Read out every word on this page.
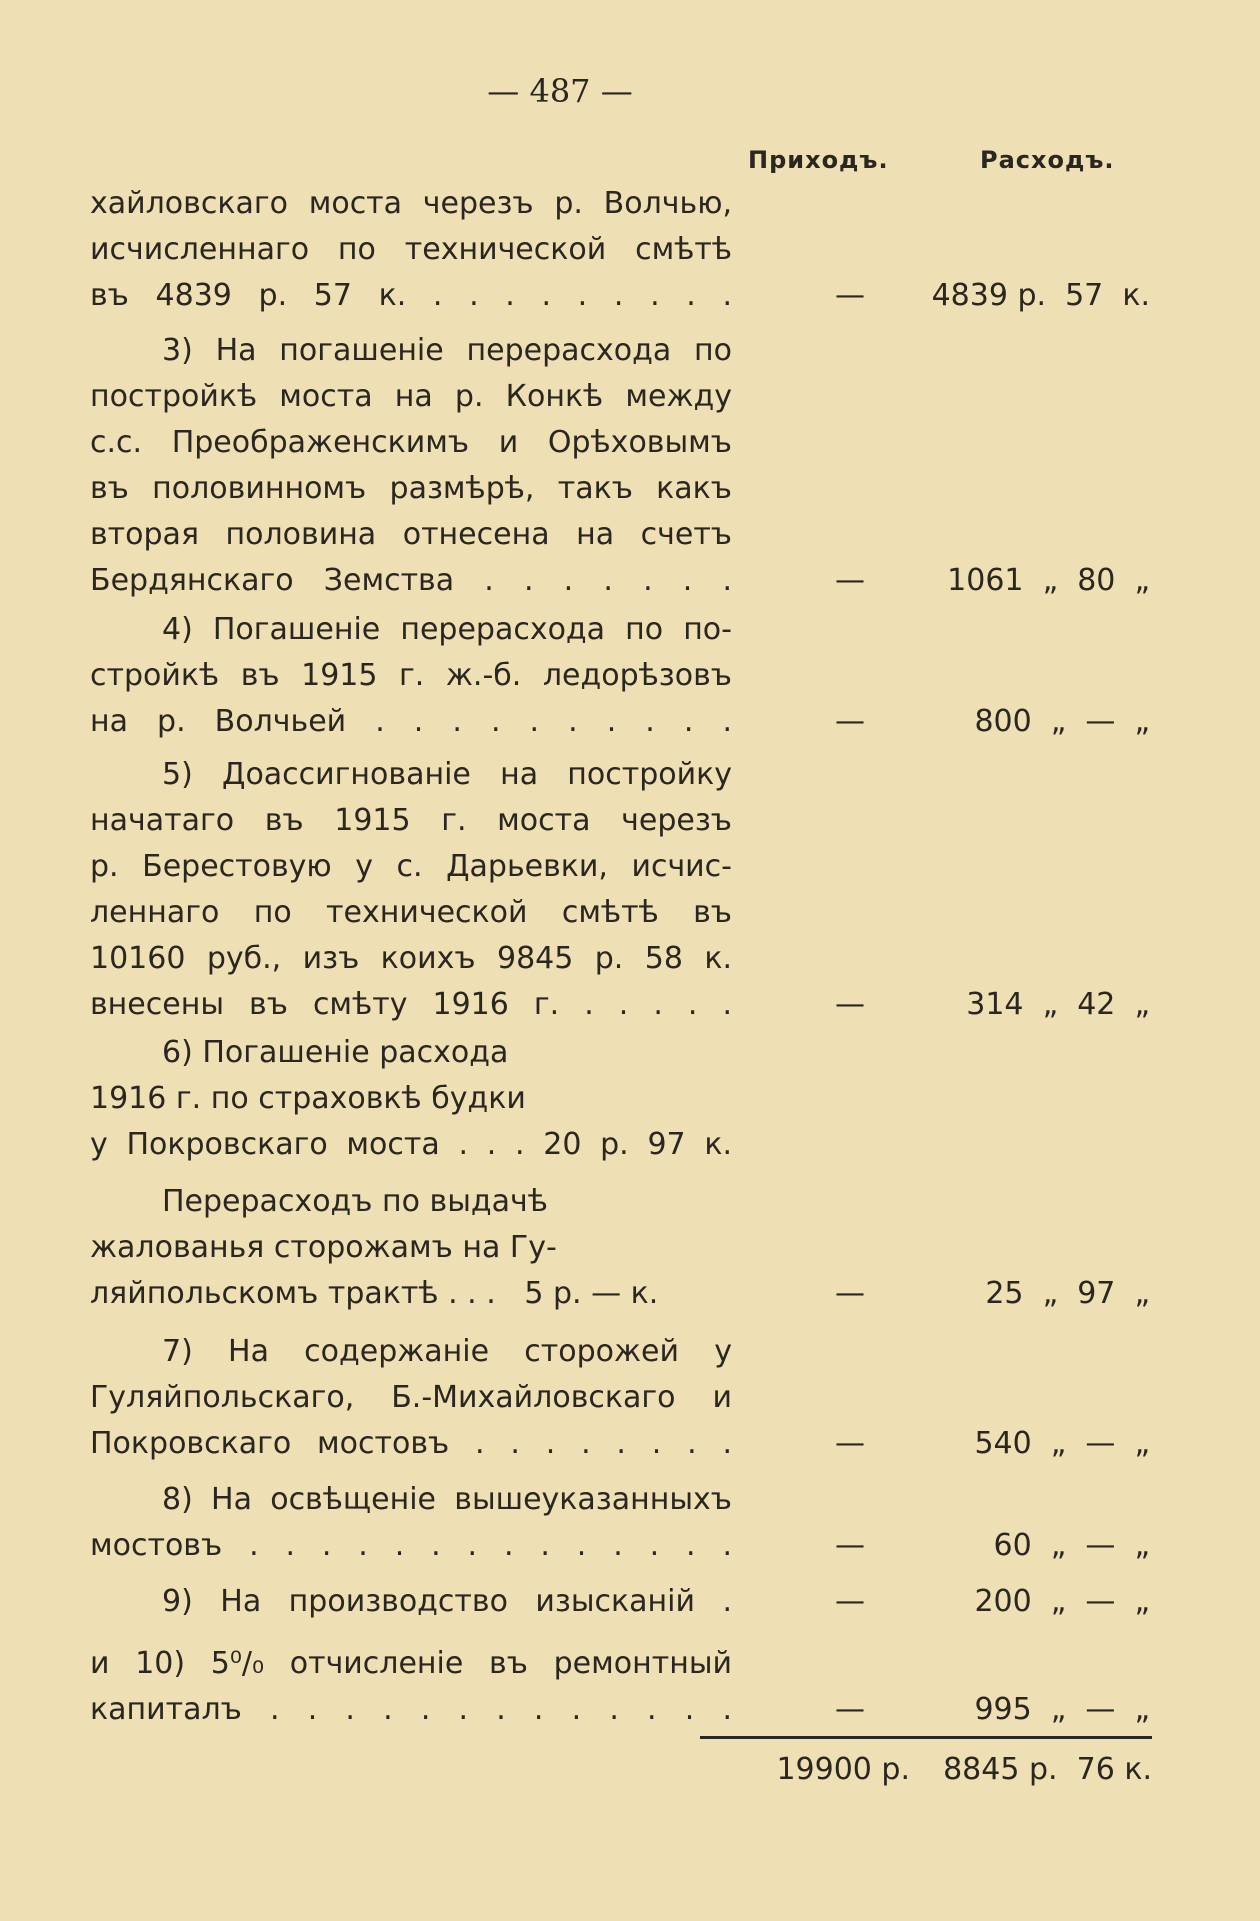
— 487 —
Приходъ.	Расходъ.
хайловскаго моста черезъ р. Волчью,
исчисленнаго по технической смѣтѣ
въ 4839 р. 57 к. . . . . . . . . .	—	4839 р.  57  к.
3) На погашеніе перерасхода по
постройкѣ моста на р. Конкѣ между
с.с. Преображенскимъ и Орѣховымъ
въ половинномъ размѣрѣ, такъ какъ
вторая половина отнесена на счетъ
Бердянскаго Земства . . . . . . .	—	1061  „  80  „
4) Погашеніе перерасхода по по-
стройкѣ въ 1915 г. ж.-б. ледорѣзовъ
на р. Волчьей . . . . . . . . . .	—	800  „  —  „
5) Доассигнованіе на постройку
начатаго въ 1915 г. моста черезъ
р. Берестовую у с. Дарьевки, исчис-
леннаго по технической смѣтѣ въ
10160 руб., изъ коихъ 9845 р. 58 к.
внесены въ смѣту 1916 г. . . . . .	—	314  „  42  „
6) Погашеніе расхода
1916 г. по страховкѣ будки
у Покровскаго моста . . . 20 р. 97 к.
Перерасходъ по выдачѣ
жалованья сторожамъ на Гу-
ляйпольскомъ трактѣ . . .   5 р. — к.	—	25  „  97  „
7) На содержаніе сторожей у
Гуляйпольскаго, Б.-Михайловскаго и
Покровскаго мостовъ . . . . . . . .	—	540  „  —  „
8) На освѣщеніе вышеуказанныхъ
мостовъ . . . . . . . . . . . . . .	—	60  „  —  „
9) На производство изысканій .	—	200  „  —  „
и 10) 5⁰/₀ отчисленіе въ ремонтный
капиталъ . . . . . . . . . . . . .	—	995  „  —  „
19900 р.	8845 р.  76 к.
